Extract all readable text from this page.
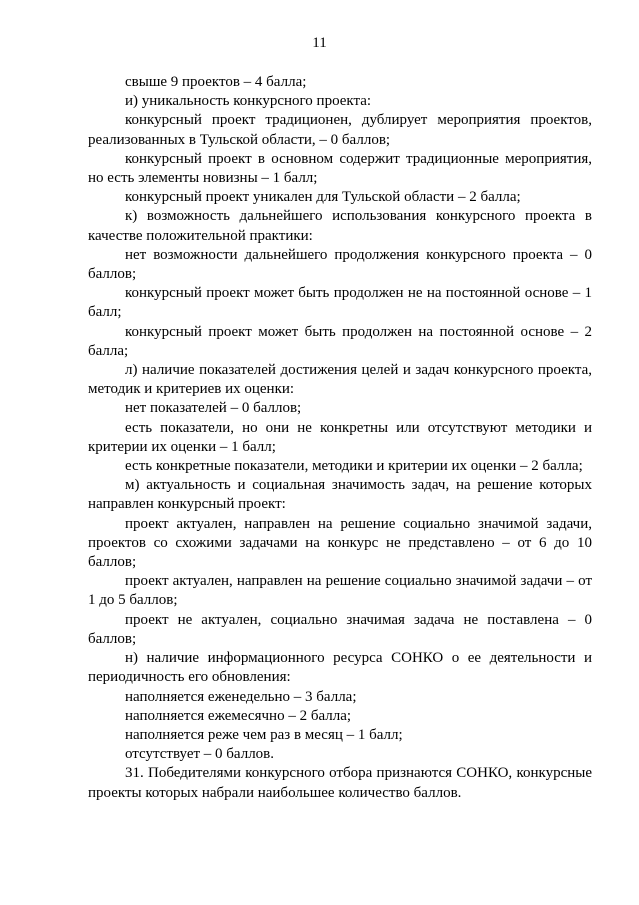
11

свыше 9 проектов – 4 балла;

и) уникальность конкурсного проекта:

конкурсный проект традиционен, дублирует мероприятия проектов, реализованных в Тульской области, – 0 баллов;

конкурсный проект в основном содержит традиционные мероприятия, но есть элементы новизны – 1 балл;

конкурсный проект уникален для Тульской области – 2 балла;

к) возможность дальнейшего использования конкурсного проекта в качестве положительной практики:

нет возможности дальнейшего продолжения конкурсного проекта – 0 баллов;

конкурсный проект может быть продолжен не на постоянной основе – 1 балл;

конкурсный проект может быть продолжен на постоянной основе – 2 балла;

л) наличие показателей достижения целей и задач конкурсного проекта, методик и критериев их оценки:

нет показателей – 0 баллов;

есть показатели, но они не конкретны или отсутствуют методики и критерии их оценки – 1 балл;

есть конкретные показатели, методики и критерии их оценки – 2 балла;

м) актуальность и социальная значимость задач, на решение которых направлен конкурсный проект:

проект актуален, направлен на решение социально значимой задачи, проектов со схожими задачами на конкурс не представлено – от 6 до 10 баллов;

проект актуален, направлен на решение социально значимой задачи – от 1 до 5 баллов;

проект не актуален, социально значимая задача не поставлена – 0 баллов;

н) наличие информационного ресурса СОНКО о ее деятельности и периодичность его обновления:

наполняется еженедельно – 3 балла;

наполняется ежемесячно – 2 балла;

наполняется реже чем раз в месяц – 1 балл;

отсутствует – 0 баллов.

31. Победителями конкурсного отбора признаются СОНКО, конкурсные проекты которых набрали наибольшее количество баллов.
